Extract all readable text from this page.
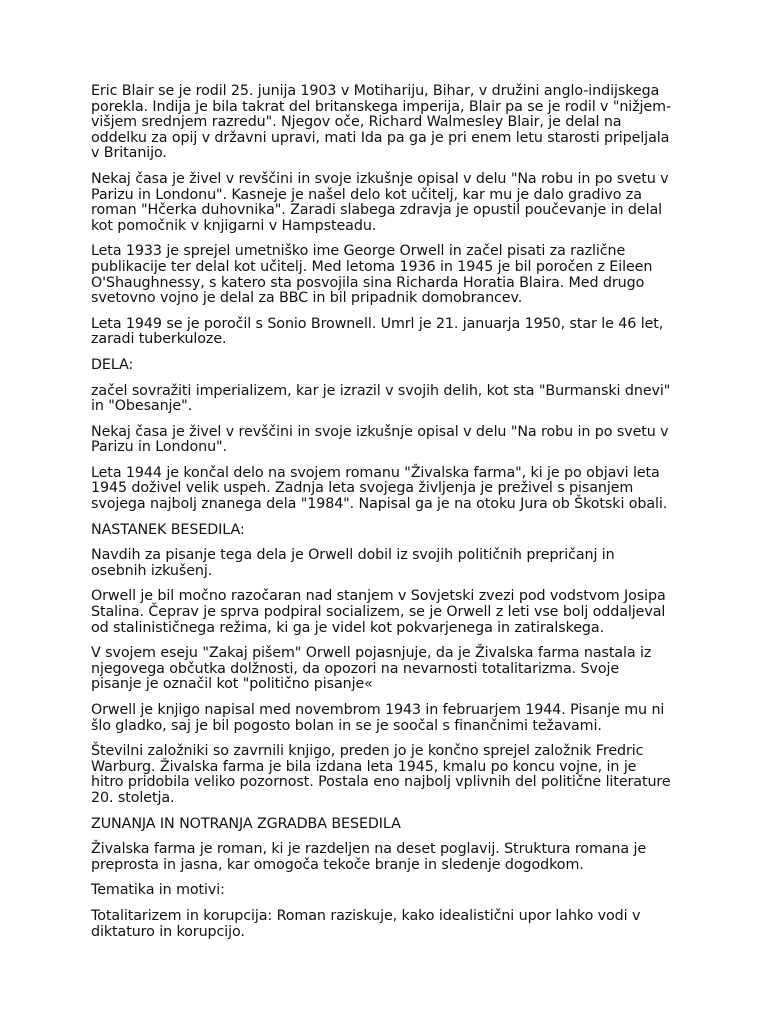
Eric Blair se je rodil 25. junija 1903 v Motihariju, Bihar, v družini anglo-indijskega
porekla. Indija je bila takrat del britanskega imperija, Blair pa se je rodil v "nižjem-
višjem srednjem razredu". Njegov oče, Richard Walmesley Blair, je delal na
oddelku za opij v državni upravi, mati Ida pa ga je pri enem letu starosti pripeljala
v Britanijo.
Nekaj časa je živel v revščini in svoje izkušnje opisal v delu "Na robu in po svetu v
Parizu in Londonu". Kasneje je našel delo kot učitelj, kar mu je dalo gradivo za
roman "Hčerka duhovnika". Zaradi slabega zdravja je opustil poučevanje in delal
kot pomočnik v knjigarni v Hampsteadu.
Leta 1933 je sprejel umetniško ime George Orwell in začel pisati za različne
publikacije ter delal kot učitelj. Med letoma 1936 in 1945 je bil poročen z Eileen
O'Shaughnessy, s katero sta posvojila sina Richarda Horatia Blaira. Med drugo
svetovno vojno je delal za BBC in bil pripadnik domobrancev.
Leta 1949 se je poročil s Sonio Brownell. Umrl je 21. januarja 1950, star le 46 let,
zaradi tuberkuloze.
DELA:
začel sovražiti imperializem, kar je izrazil v svojih delih, kot sta "Burmanski dnevi"
in "Obesanje".
Nekaj časa je živel v revščini in svoje izkušnje opisal v delu "Na robu in po svetu v
Parizu in Londonu".
Leta 1944 je končal delo na svojem romanu "Živalska farma", ki je po objavi leta
1945 doživel velik uspeh. Zadnja leta svojega življenja je preživel s pisanjem
svojega najbolj znanega dela "1984". Napisal ga je na otoku Jura ob Škotski obali.
NASTANEK BESEDILA:
Navdih za pisanje tega dela je Orwell dobil iz svojih političnih prepričanj in
osebnih izkušenj.
Orwell je bil močno razočaran nad stanjem v Sovjetski zvezi pod vodstvom Josipa
Stalina. Čeprav je sprva podpiral socializem, se je Orwell z leti vse bolj oddaljeval
od stalinističnega režima, ki ga je videl kot pokvarjenega in zatiralskega.
V svojem eseju "Zakaj pišem" Orwell pojasnjuje, da je Živalska farma nastala iz
njegovega občutka dolžnosti, da opozori na nevarnosti totalitarizma. Svoje
pisanje je označil kot "politično pisanje«
Orwell je knjigo napisal med novembrom 1943 in februarjem 1944. Pisanje mu ni
šlo gladko, saj je bil pogosto bolan in se je soočal s finančnimi težavami.
Številni založniki so zavrnili knjigo, preden jo je končno sprejel založnik Fredric
Warburg. Živalska farma je bila izdana leta 1945, kmalu po koncu vojne, in je
hitro pridobila veliko pozornost. Postala eno najbolj vplivnih del politične literature
20. stoletja.
ZUNANJA IN NOTRANJA ZGRADBA BESEDILA
Živalska farma je roman, ki je razdeljen na deset poglavij. Struktura romana je
preprosta in jasna, kar omogoča tekoče branje in sledenje dogodkom.
Tematika in motivi:
Totalitarizem in korupcija: Roman raziskuje, kako idealistični upor lahko vodi v
diktaturo in korupcijo.
